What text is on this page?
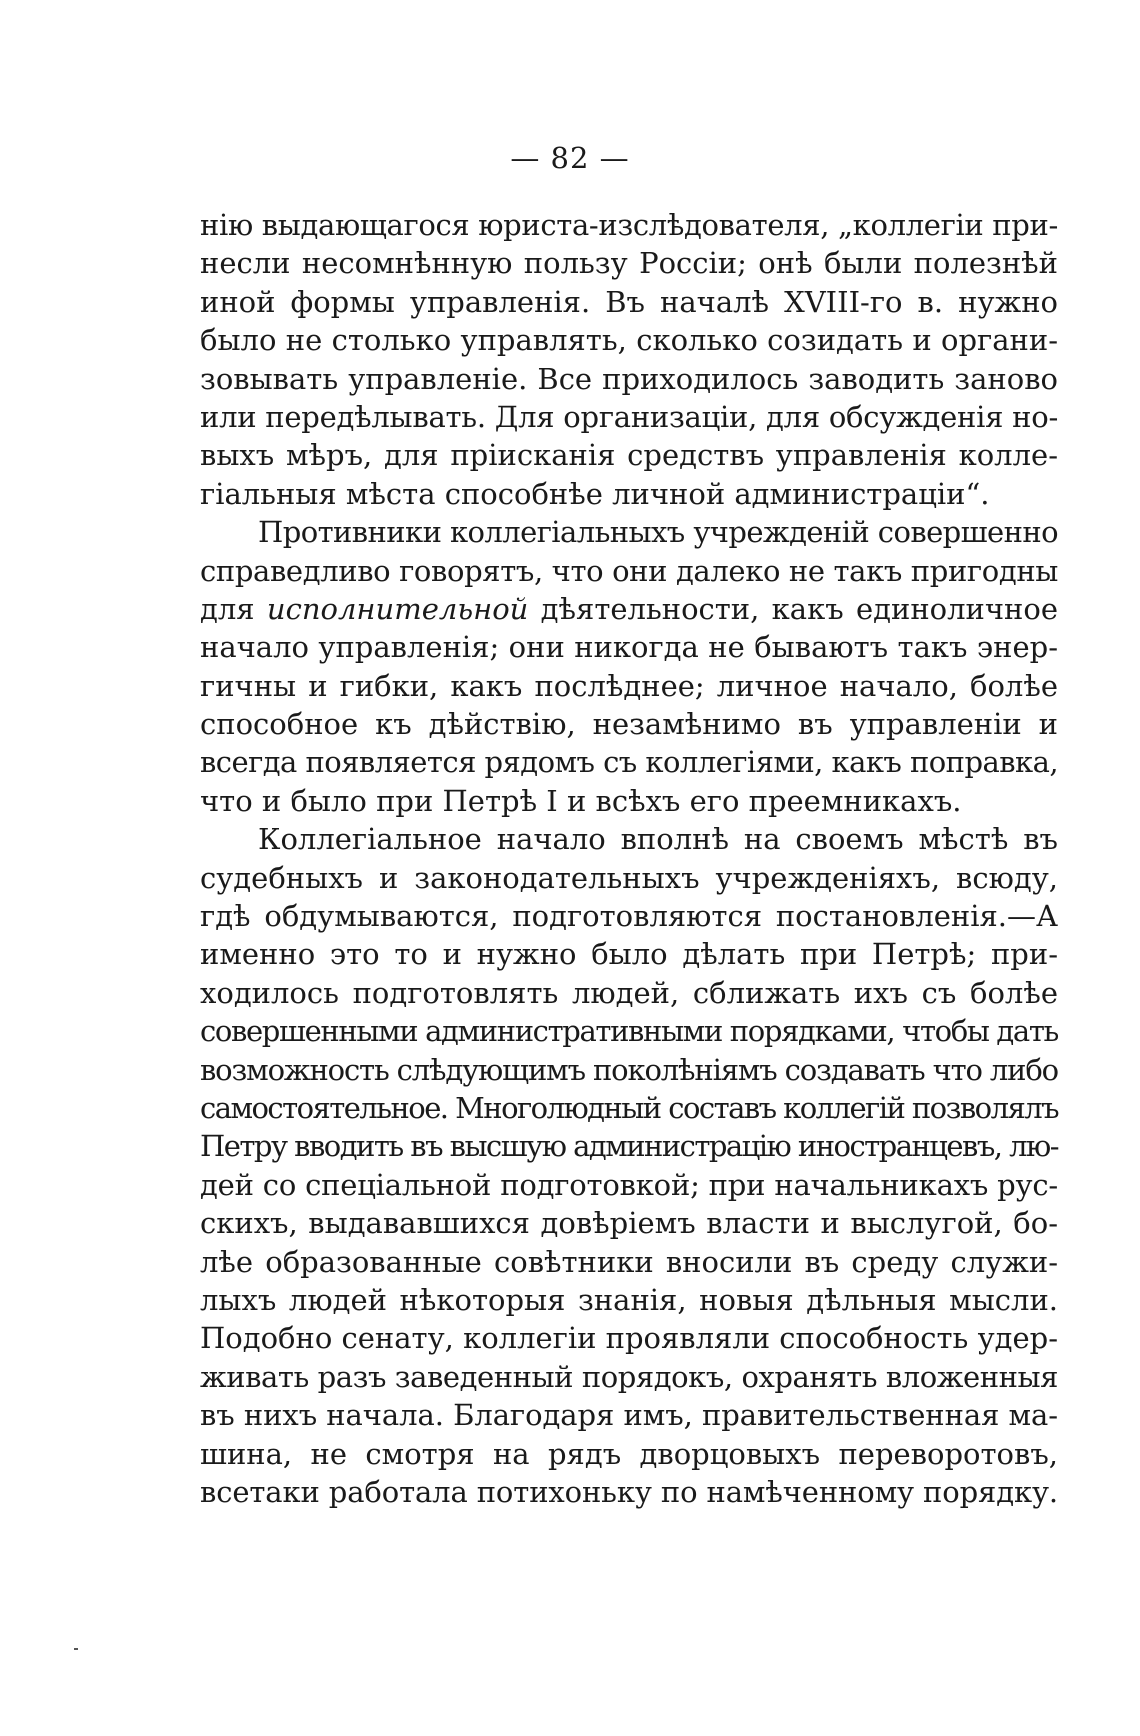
— 82 —
нію выдающагося юриста-изслѣдователя, „коллегіи при-
несли несомнѣнную пользу Россіи; онѣ были полезнѣй
иной формы управленія. Въ началѣ XVIII-го в. нужно
было не столько управлять, сколько созидать и органи-
зовывать управленіе. Все приходилось заводить заново
или передѣлывать. Для организаціи, для обсужденія но-
выхъ мѣръ, для пріисканія средствъ управленія колле-
гіальныя мѣста способнѣе личной администраціи“.
Противники коллегіальныхъ учрежденій совершенно
справедливо говорятъ, что они далеко не такъ пригодны
для исполнительной дѣятельности, какъ единоличное
начало управленія; они никогда не бываютъ такъ энер-
гичны и гибки, какъ послѣднее; личное начало, болѣе
способное къ дѣйствію, незамѣнимо въ управленіи и
всегда появляется рядомъ съ коллегіями, какъ поправка,
что и было при Петрѣ I и всѣхъ его преемникахъ.
Коллегіальное начало вполнѣ на своемъ мѣстѣ въ
судебныхъ и законодательныхъ учрежденіяхъ, всюду,
гдѣ обдумываются, подготовляются постановленія.—А
именно это то и нужно было дѣлать при Петрѣ; при-
ходилось подготовлять людей, сближать ихъ съ болѣе
совершенными административными порядками, чтобы дать
возможность слѣдующимъ поколѣніямъ создавать что либо
самостоятельное. Многолюдный составъ коллегій позволялъ
Петру вводить въ высшую администрацію иностранцевъ, лю-
дей со спеціальной подготовкой; при начальникахъ рус-
скихъ, выдававшихся довѣріемъ власти и выслугой, бо-
лѣе образованные совѣтники вносили въ среду служи-
лыхъ людей нѣкоторыя знанія, новыя дѣльныя мысли.
Подобно сенату, коллегіи проявляли способность удер-
живать разъ заведенный порядокъ, охранять вложенныя
въ нихъ начала. Благодаря имъ, правительственная ма-
шина, не смотря на рядъ дворцовыхъ переворотовъ,
всетаки работала потихоньку по намѣченному порядку.
